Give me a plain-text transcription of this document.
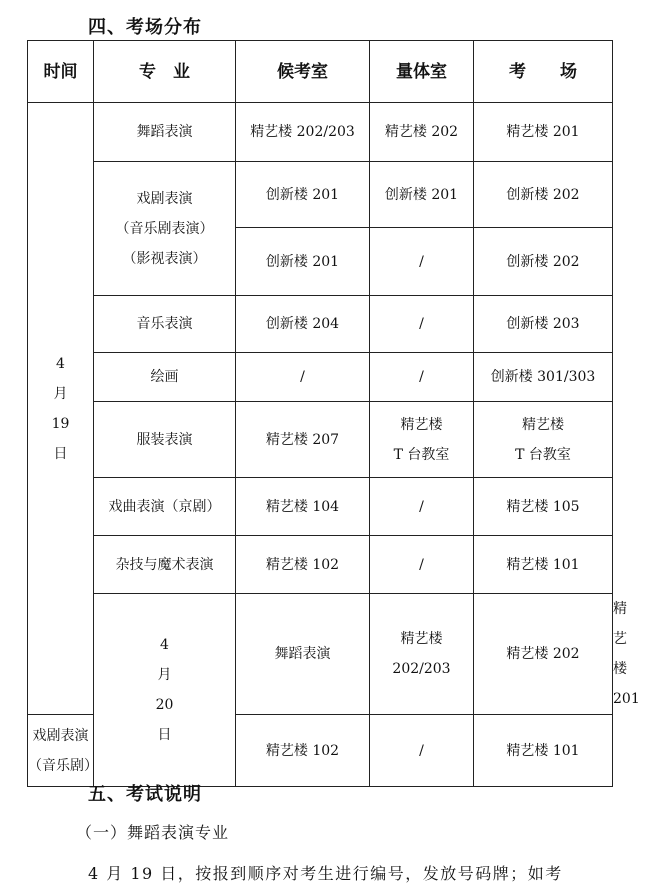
四、考场分布
时间	专　业	候考室	量体室	考　　场	
4
月
19
日	舞蹈表演	精艺楼 202/203	精艺楼 202	精艺楼 201	
	戏剧表演
（音乐剧表演）
（影视表演）	创新楼 201	创新楼 201	创新楼 202	
		创新楼 201	/	创新楼 202	
	音乐表演	创新楼 204	/	创新楼 203	
	绘画	/	/	创新楼 301/303	
	服装表演	精艺楼 207	精艺楼
T 台教室	精艺楼
T 台教室	
	戏曲表演（京剧）	精艺楼 104	/	精艺楼 105	
	杂技与魔术表演	精艺楼 102	/	精艺楼 101	
	4
月
20
日	舞蹈表演	精艺楼 202/203	精艺楼 202	精艺楼 201
戏剧表演
（音乐剧）		精艺楼 102	/	精艺楼 101	
五、考试说明
（一）舞蹈表演专业
4 月 19 日，按报到顺序对考生进行编号，发放号码牌；如考
